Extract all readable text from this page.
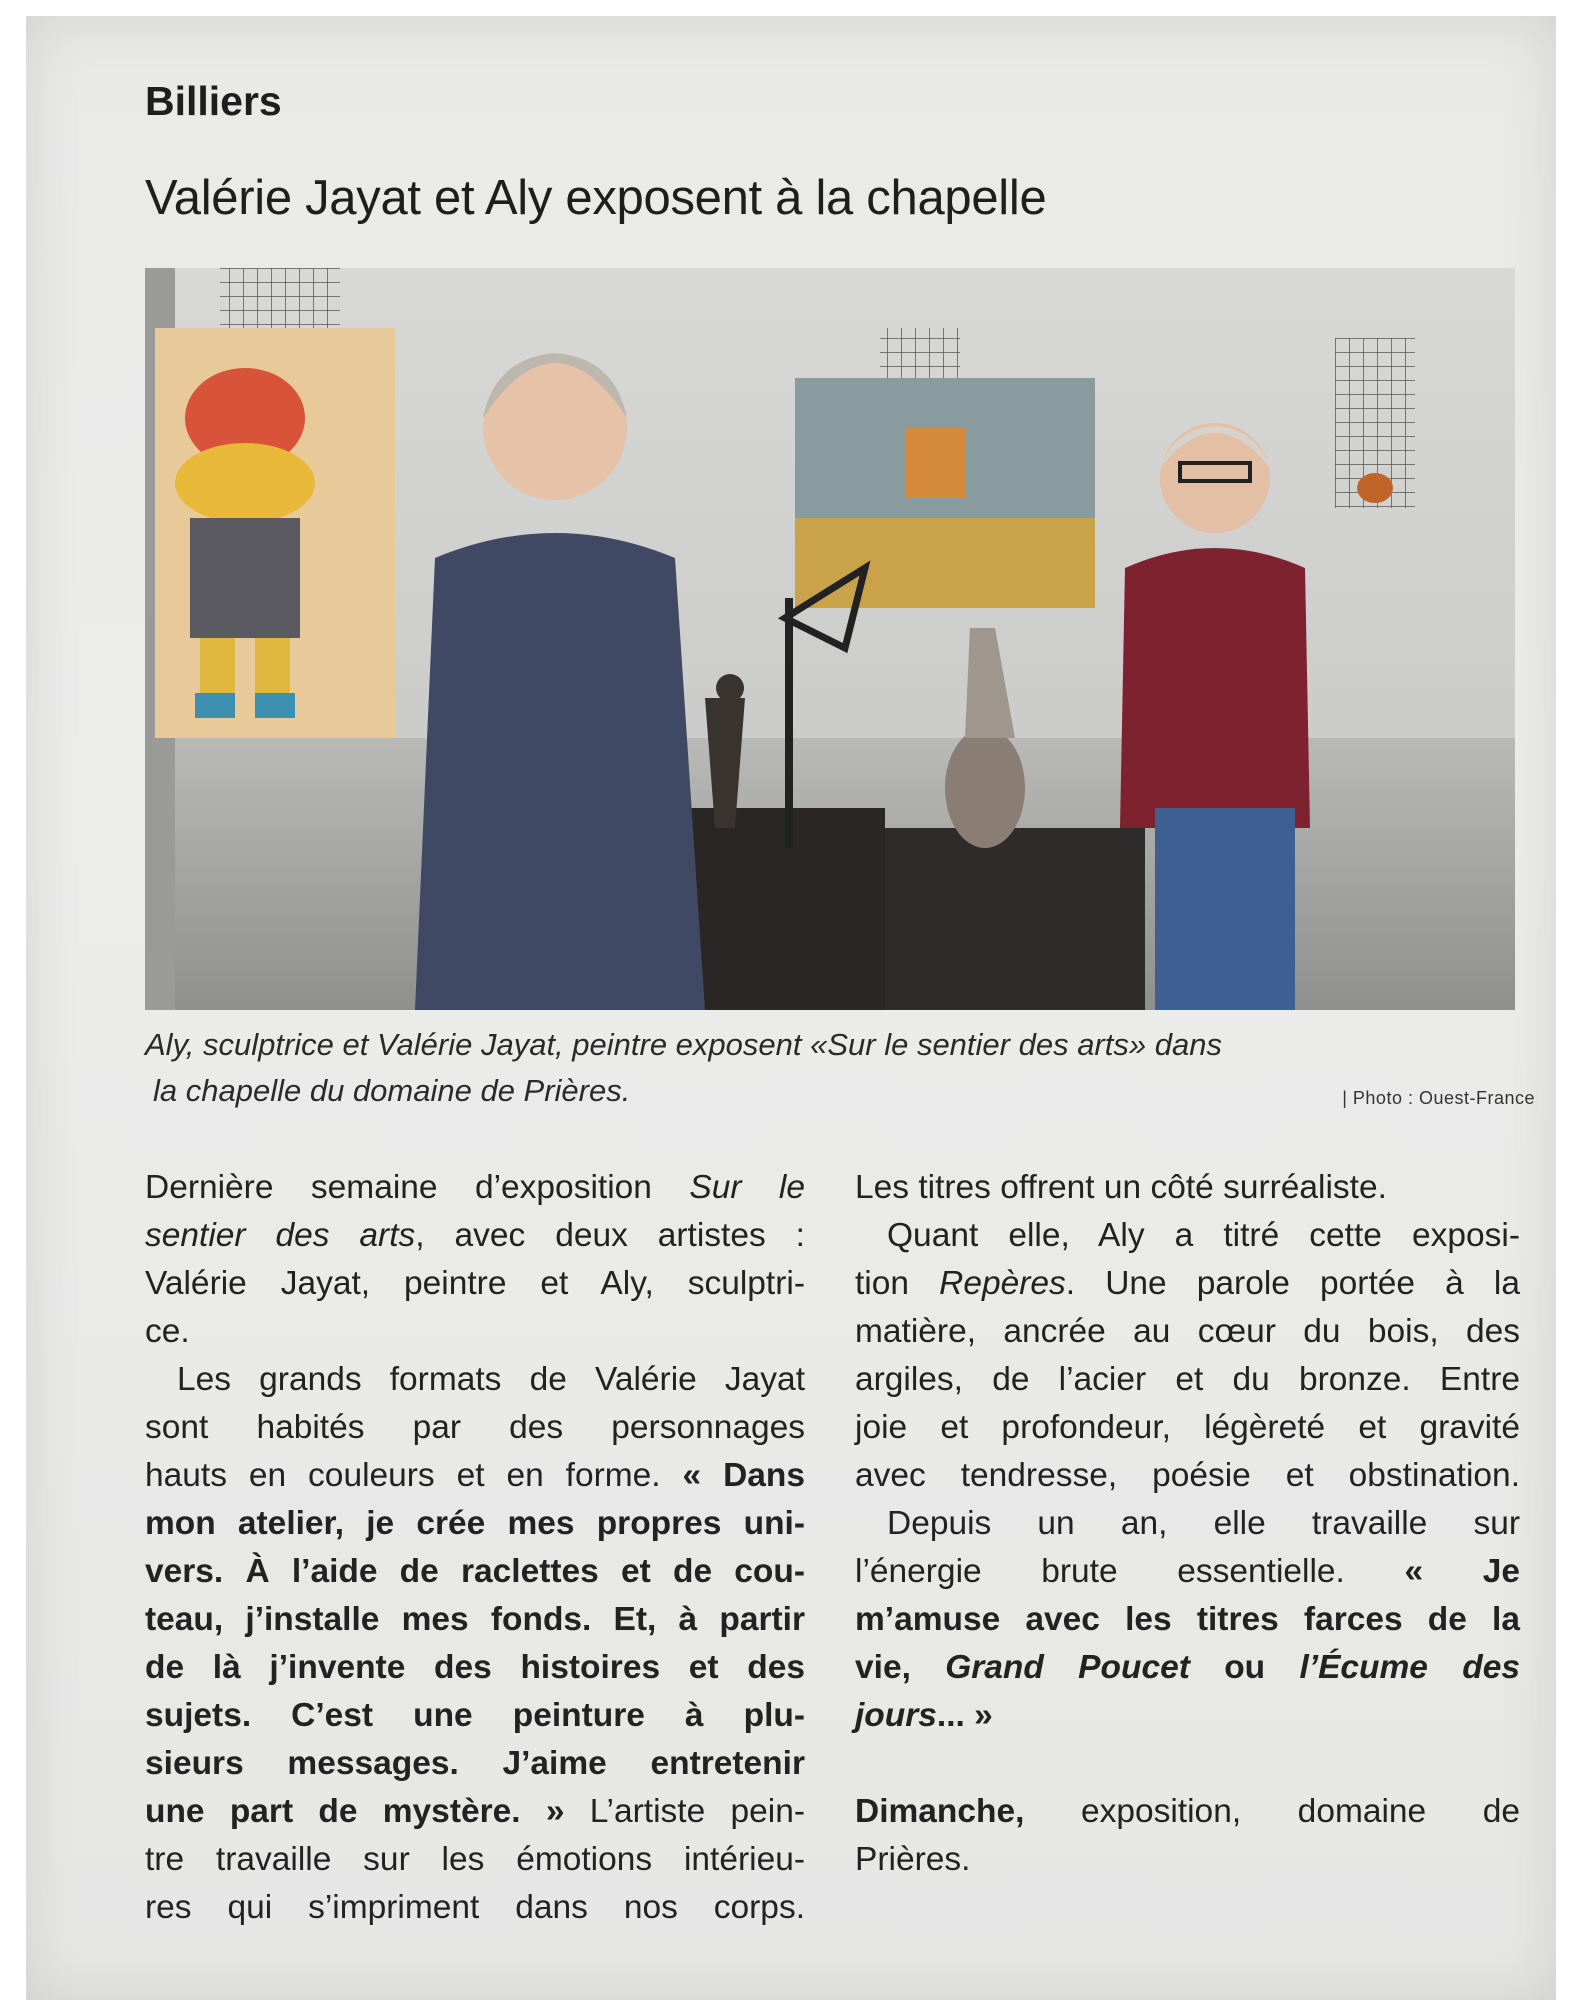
Billiers
Valérie Jayat et Aly exposent à la chapelle
Aly, sculptrice et Valérie Jayat, peintre exposent «Sur le sentier des arts» dans
la chapelle du domaine de Prières.	| Photo : Ouest-France
Dernière semaine d’exposition Sur le
sentier des arts, avec deux artistes :
Valérie Jayat, peintre et Aly, sculptri-
ce.
Les grands formats de Valérie Jayat
sont habités par des personnages
hauts en couleurs et en forme. « Dans
mon atelier, je crée mes propres uni-
vers. À l’aide de raclettes et de cou-
teau, j’installe mes fonds. Et, à partir
de là j’invente des histoires et des
sujets. C’est une peinture à plu-
sieurs messages. J’aime entretenir
une part de mystère. » L’artiste pein-
tre travaille sur les émotions intérieu-
res qui s’impriment dans nos corps.
Les titres offrent un côté surréaliste.
Quant elle, Aly a titré cette exposi-
tion Repères. Une parole portée à la
matière, ancrée au cœur du bois, des
argiles, de l’acier et du bronze. Entre
joie et profondeur, légèreté et gravité
avec tendresse, poésie et obstination.
Depuis un an, elle travaille sur
l’énergie brute essentielle. « Je
m’amuse avec les titres farces de la
vie, Grand Poucet ou l’Écume des
jours... »
Dimanche, exposition, domaine de
Prières.
